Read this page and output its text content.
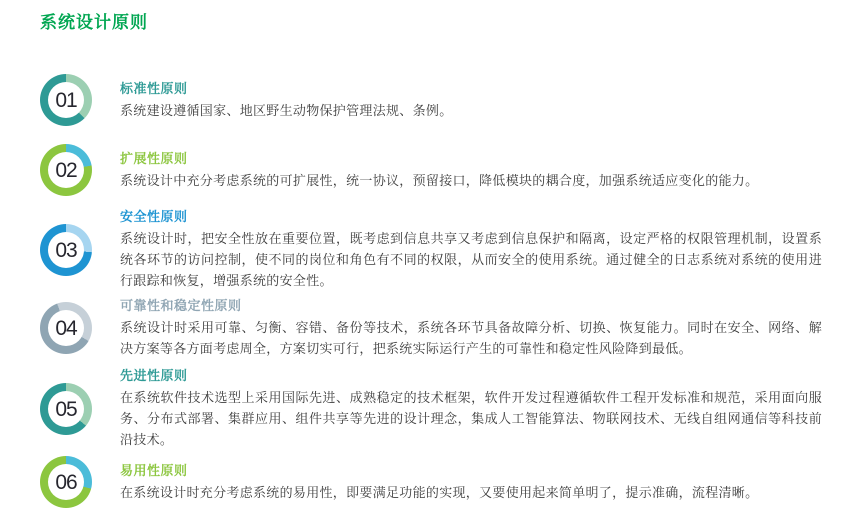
系统设计原则
01
标准性原则
系统建设遵循国家、地区野生动物保护管理法规、条例。
02
扩展性原则
系统设计中充分考虑系统的可扩展性，统一协议，预留接口，降低模块的耦合度，加强系统适应变化的能力。
03
安全性原则
系统设计时，把安全性放在重要位置，既考虑到信息共享又考虑到信息保护和隔离，设定严格的权限管理机制，设置系统各环节的访问控制，使不同的岗位和角色有不同的权限，从而安全的使用系统。通过健全的日志系统对系统的使用进行跟踪和恢复，增强系统的安全性。
04
可靠性和稳定性原则
系统设计时采用可靠、匀衡、容错、备份等技术，系统各环节具备故障分析、切换、恢复能力。同时在安全、网络、解决方案等各方面考虑周全，方案切实可行，把系统实际运行产生的可靠性和稳定性风险降到最低。
05
先进性原则
在系统软件技术选型上采用国际先进、成熟稳定的技术框架，软件开发过程遵循软件工程开发标准和规范，采用面向服务、分布式部署、集群应用、组件共享等先进的设计理念，集成人工智能算法、物联网技术、无线自组网通信等科技前沿技术。
06
易用性原则
在系统设计时充分考虑系统的易用性，即要满足功能的实现，又要使用起来简单明了，提示准确，流程清晰。
